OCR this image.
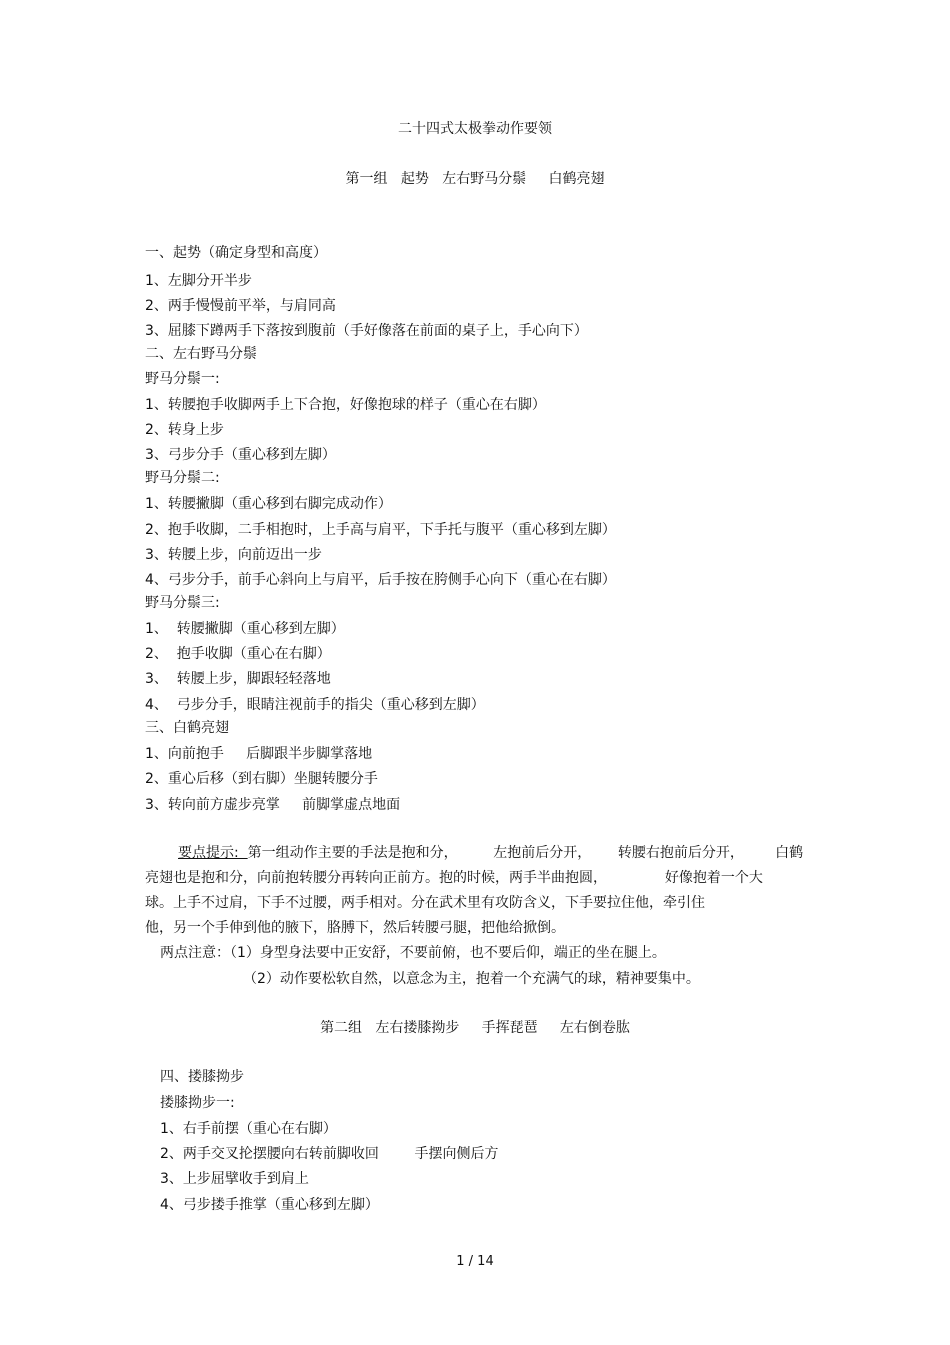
二十四式太极拳动作要领
第一组   起势   左右野马分鬃     白鹤亮翅
一、起势（确定身型和高度）
1、左脚分开半步
2、两手慢慢前平举，与肩同高
3、屈膝下蹲两手下落按到腹前（手好像落在前面的桌子上，手心向下）
二、左右野马分鬃
野马分鬃一:
1、转腰抱手收脚两手上下合抱，好像抱球的样子（重心在右脚）
2、转身上步
3、弓步分手（重心移到左脚）
野马分鬃二:
1、转腰撇脚（重心移到右脚完成动作）
2、抱手收脚，二手相抱时，上手高与肩平，下手托与腹平（重心移到左脚）
3、转腰上步，向前迈出一步
4、弓步分手，前手心斜向上与肩平，后手按在胯侧手心向下（重心在右脚）
野马分鬃三:
1、  转腰撇脚（重心移到左脚）
2、  抱手收脚（重心在右脚）
3、  转腰上步，脚跟轻轻落地
4、  弓步分手，眼睛注视前手的指尖（重心移到左脚）
三、白鹤亮翅
1、向前抱手     后脚跟半步脚掌落地
2、重心后移（到右脚）坐腿转腰分手
3、转向前方虚步亮掌     前脚掌虚点地面
要点提示:  第一组动作主要的手法是抱和分，        左抱前后分开，      转腰右抱前后分开，       白鹤
亮翅也是抱和分，向前抱转腰分再转向正前方。抱的时候，两手半曲抱圆，             好像抱着一个大
球。上手不过肩，下手不过腰，两手相对。分在武术里有攻防含义，下手要拉住他，牵引住
他，另一个手伸到他的腋下，胳膊下，然后转腰弓腿，把他给掀倒。
两点注意：（1）身型身法要中正安舒，不要前俯，也不要后仰，端正的坐在腿上。
（2）动作要松软自然，以意念为主，抱着一个充满气的球，精神要集中。
第二组   左右搂膝拗步     手挥琵琶     左右倒卷肱
四、搂膝拗步
搂膝拗步一:
1、右手前摆（重心在右脚）
2、两手交叉抡摆腰向右转前脚收回        手摆向侧后方
3、上步屈擘收手到肩上
4、弓步搂手推掌（重心移到左脚）
1 / 14
